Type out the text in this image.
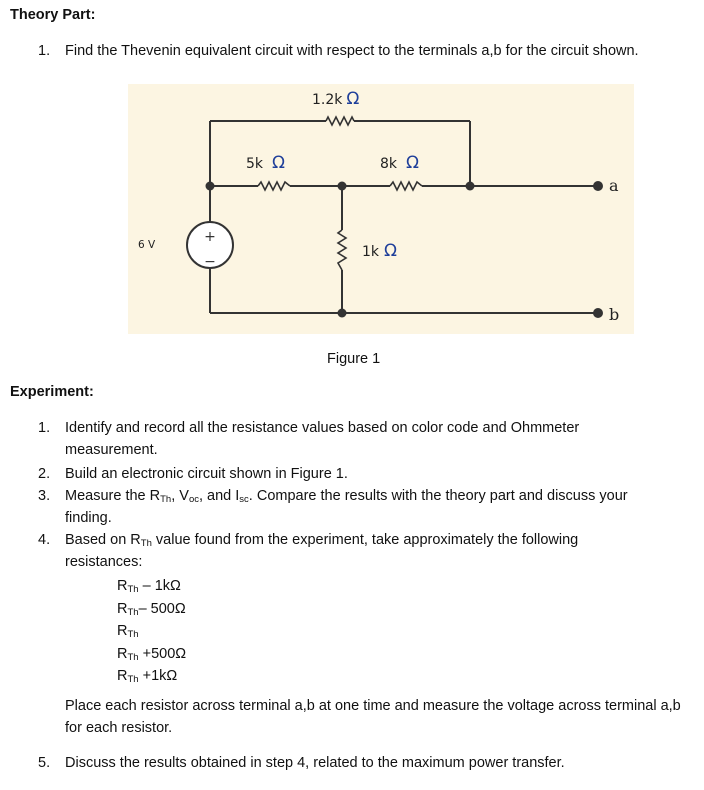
Theory Part:
1. Find the Thevenin equivalent circuit with respect to the terminals a,b for the circuit shown.
+
−
1.2k Ω
5k Ω	8k Ω
1k Ω
6 V
a
b
Figure 1
Experiment:
1. Identify and record all the resistance values based on color code and Ohmmeter measurement.
2. Build an electronic circuit shown in Figure 1.
3. Measure the $R_{Th}$, $V_{oc}$, and $I_{sc}$. Compare the results with the theory part and discuss your finding.
4. Based on $R_{Th}$ value found from the experiment, take approximately the following resistances:
$R_{Th} - 1k\Omega$
$R_{Th}-$ 500Ω
$R_{Th}$
$R_{Th} +500\Omega$
$R_{Th} +1k\Omega$
Place each resistor across terminal a,b at one time and measure the voltage across terminal a,b for each resistor.
5. Discuss the results obtained in step 4, related to the maximum power transfer.
